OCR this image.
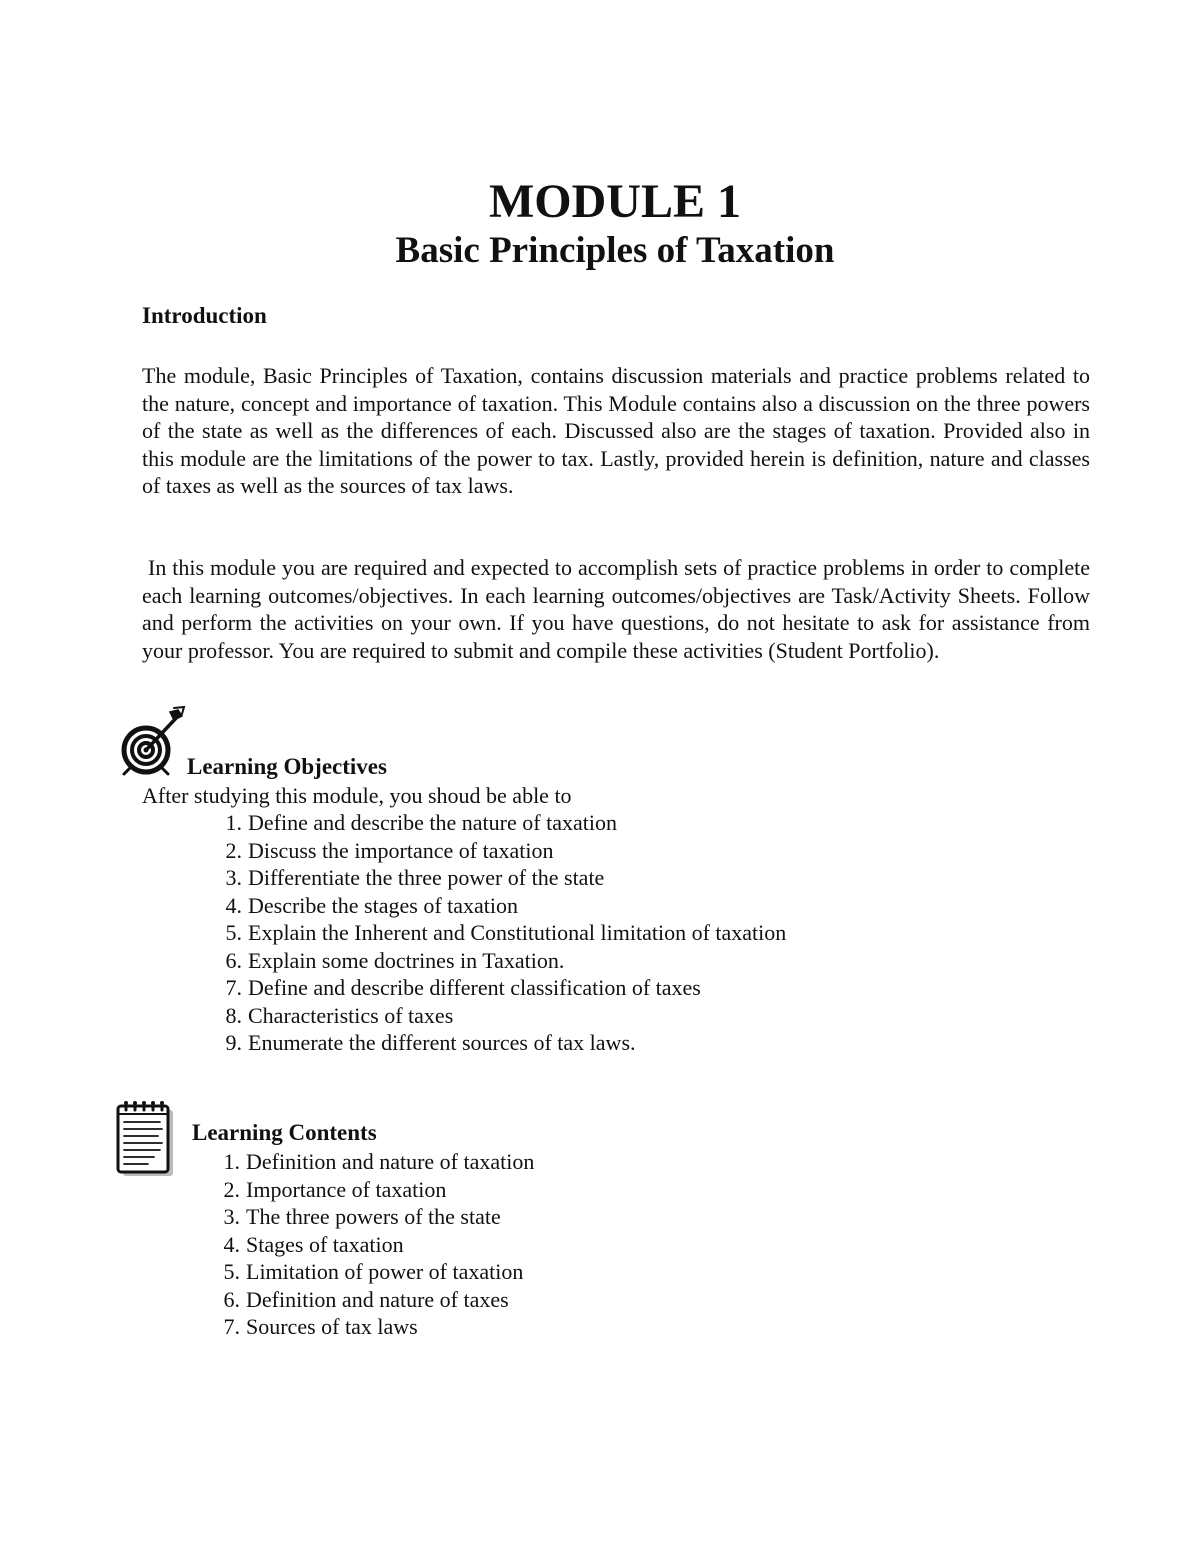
MODULE 1
Basic Principles of Taxation
Introduction

The module, Basic Principles of Taxation, contains discussion materials and practice problems related to the nature, concept and importance of taxation. This Module contains also a discussion on the three powers of the state as well as the differences of each. Discussed also are the stages of taxation. Provided also in this module are the limitations of the power to tax. Lastly, provided herein is definition, nature and classes of taxes as well as the sources of tax laws.

In this module you are required and expected to accomplish sets of practice problems in order to complete each learning outcomes/objectives. In each learning outcomes/objectives are Task/Activity Sheets. Follow and perform the activities on your own. If you have questions, do not hesitate to ask for assistance from your professor. You are required to submit and compile these activities (Student Portfolio).

Learning Objectives
After studying this module, you shoud be able to
1. Define and describe the nature of taxation
2. Discuss the importance of taxation
3. Differentiate the three power of the state
4. Describe the stages of taxation
5. Explain the Inherent and Constitutional limitation of taxation
6. Explain some doctrines in Taxation.
7. Define and describe different classification of taxes
8. Characteristics of taxes
9. Enumerate the different sources of tax laws.
Learning Contents
1. Definition and nature of taxation
2. Importance of taxation
3. The three powers of the state
4. Stages of taxation
5. Limitation of power of taxation
6. Definition and nature of taxes
7. Sources of tax laws
